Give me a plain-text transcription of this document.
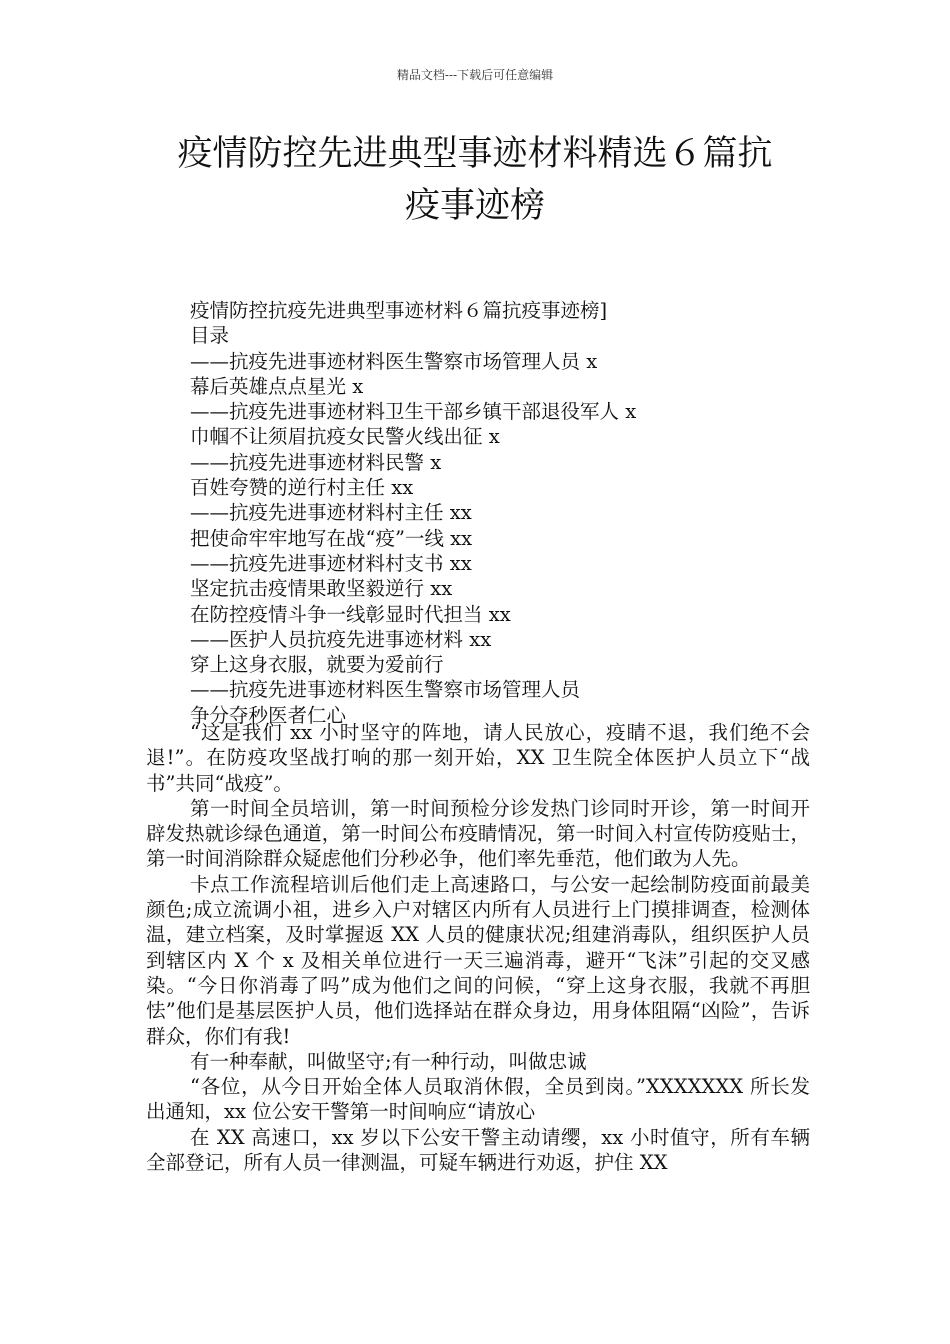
精品文档---下载后可任意编辑
疫情防控先进典型事迹材料精选６篇抗
疫事迹榜
疫情防控抗疫先进典型事迹材料６篇抗疫事迹榜]
目录
——抗疫先进事迹材料医生警察市场管理人员 x
幕后英雄点点星光 x
——抗疫先进事迹材料卫生干部乡镇干部退役军人 x
巾帼不让须眉抗疫女民警火线出征 x
——抗疫先进事迹材料民警 x
百姓夸赞的逆行村主任 xx
——抗疫先进事迹材料村主任 xx
把使命牢牢地写在战“疫”一线 xx
——抗疫先进事迹材料村支书 xx
坚定抗击疫情果敢坚毅逆行 xx
在防控疫情斗争一线彰显时代担当 xx
——医护人员抗疫先进事迹材料 xx
穿上这身衣服，就要为爱前行
——抗疫先进事迹材料医生警察市场管理人员
争分夺秒医者仁心

“这是我们 xx 小时坚守的阵地，请人民放心，疫睛不退，我们绝不会退!”。在防疫攻坚战打响的那一刻开始，XX 卫生院全体医护人员立下“战书”共同“战疫”。

第一时间全员培训，第一时间预检分诊发热门诊同时开诊，第一时间开辟发热就诊绿色通道，第一时间公布疫睛情况，第一时间入村宣传防疫贴士，第一时间消除群众疑虑他们分秒必争，他们率先垂范，他们敢为人先。

卡点工作流程培训后他们走上高速路口，与公安一起绘制防疫面前最美颜色;成立流调小祖，进乡入户对辖区内所有人员进行上门摸排调查，检测体温，建立档案，及时掌握返 XX 人员的健康状况;组建消毒队，组织医护人员到辖区内 X 个 x 及相关单位进行一天三遍消毒，避开“飞沫”引起的交叉感染。“今日你消毒了吗”成为他们之间的问候，“穿上这身衣服，我就不再胆怯”他们是基层医护人员，他们选择站在群众身边，用身体阻隔“凶险”，告诉群众，你们有我!

有一种奉献，叫做坚守;有一种行动，叫做忠诚

“各位，从今日开始全体人员取消休假，全员到岗。”XXXXXXX 所长发出通知，xx 位公安干警第一时间响应“请放心

在 XX 高速口，xx 岁以下公安干警主动请缨，xx 小时值守，所有车辆全部登记，所有人员一律测温，可疑车辆进行劝返，护住 XX
